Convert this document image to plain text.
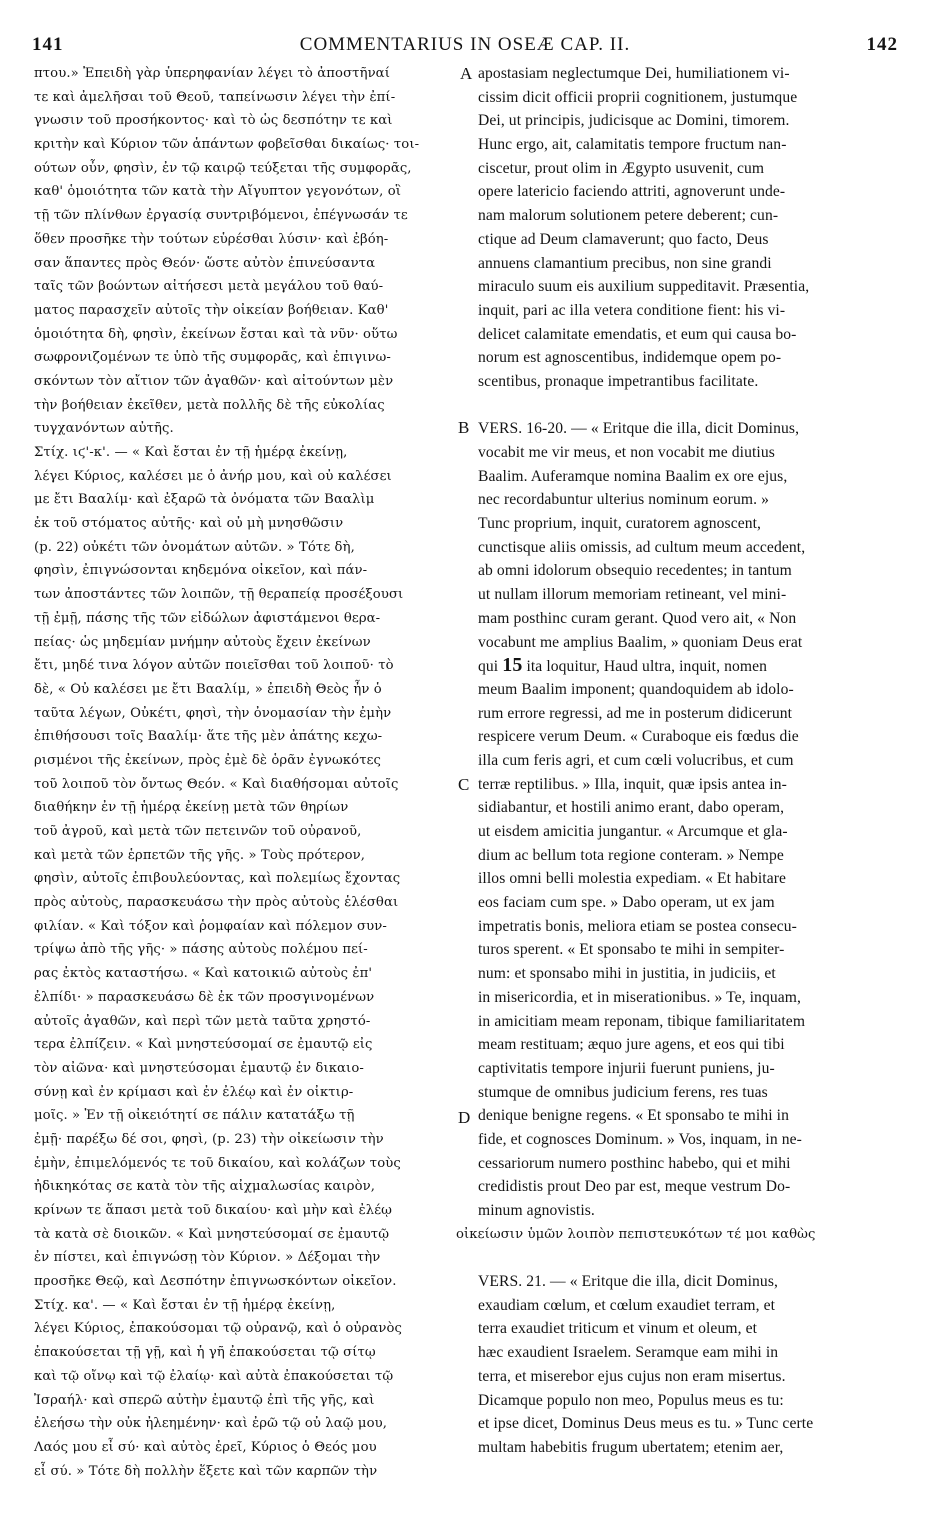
141	COMMENTARIUS IN OSEÆ CAP. II.	142
πτου.» Ἐπειδὴ γὰρ ὑπερηφανίαν λέγει τὸ ἀποστῆναί
τε καὶ ἀμελῆσαι τοῦ Θεοῦ, ταπείνωσιν λέγει τὴν ἐπί-
γνωσιν τοῦ προσήκοντος· καὶ τὸ ὡς δεσπότην τε καὶ
κριτὴν καὶ Κύριον τῶν ἁπάντων φοβεῖσθαι δικαίως· τοι-
ούτων οὖν, φησὶν, ἐν τῷ καιρῷ τεύξεται τῆς συμφορᾶς,
καθ' ὁμοιότητα τῶν κατὰ τὴν Αἴγυπτον γεγονότων, οἳ
τῇ τῶν πλίνθων ἐργασίᾳ συντριβόμενοι, ἐπέγνωσάν τε
ὅθεν προσῆκε τὴν τούτων εὑρέσθαι λύσιν· καὶ ἐβόη-
σαν ἅπαντες πρὸς Θεόν· ὥστε αὐτὸν ἐπινεύσαντα
ταῖς τῶν βοώντων αἰτήσεσι μετὰ μεγάλου τοῦ θαύ-
ματος παρασχεῖν αὐτοῖς τὴν οἰκείαν βοήθειαν. Καθ'
ὁμοιότητα δὴ, φησὶν, ἐκείνων ἔσται καὶ τὰ νῦν· οὕτω
σωφρονιζομένων τε ὑπὸ τῆς συμφορᾶς, καὶ ἐπιγινω-
σκόντων τὸν αἴτιον τῶν ἀγαθῶν· καὶ αἰτούντων μὲν
τὴν βοήθειαν ἐκεῖθεν, μετὰ πολλῆς δὲ τῆς εὐκολίας
τυγχανόντων αὐτῆς.
Στίχ. ιϛ'-κ'. — « Καὶ ἔσται ἐν τῇ ἡμέρᾳ ἐκείνῃ,
λέγει Κύριος, καλέσει με ὁ ἀνήρ μου, καὶ οὐ καλέσει
με ἔτι Βααλίμ· καὶ ἐξαρῶ τὰ ὀνόματα τῶν Βααλὶμ
ἐκ τοῦ στόματος αὐτῆς· καὶ οὐ μὴ μνησθῶσιν
(p. 22) οὐκέτι τῶν ὀνομάτων αὐτῶν. » Τότε δὴ,
φησὶν, ἐπιγνώσονται κηδεμόνα οἰκεῖον, καὶ πάν-
των ἀποστάντες τῶν λοιπῶν, τῇ θεραπείᾳ προσέξουσι
τῇ ἐμῇ, πάσης τῆς τῶν εἰδώλων ἀφιστάμενοι θερα-
πείας· ὡς μηδεμίαν μνήμην αὐτοὺς ἔχειν ἐκείνων
ἔτι, μηδέ τινα λόγον αὐτῶν ποιεῖσθαι τοῦ λοιποῦ· τὸ
δὲ, « Οὐ καλέσει με ἔτι Βααλίμ, » ἐπειδὴ Θεὸς ἦν ὁ
ταῦτα λέγων, Οὐκέτι, φησὶ, τὴν ὀνομασίαν τὴν ἐμὴν
ἐπιθήσουσι τοῖς Βααλίμ· ἅτε τῆς μὲν ἀπάτης κεχω-
ρισμένοι τῆς ἐκείνων, πρὸς ἐμὲ δὲ ὁρᾶν ἐγνωκότες
τοῦ λοιποῦ τὸν ὄντως Θεόν. « Καὶ διαθήσομαι αὐτοῖς
διαθήκην ἐν τῇ ἡμέρᾳ ἐκείνῃ μετὰ τῶν θηρίων
τοῦ ἀγροῦ, καὶ μετὰ τῶν πετεινῶν τοῦ οὐρανοῦ,
καὶ μετὰ τῶν ἑρπετῶν τῆς γῆς. » Τοὺς πρότερον,
φησὶν, αὐτοῖς ἐπιβουλεύοντας, καὶ πολεμίως ἔχοντας
πρὸς αὐτοὺς, παρασκευάσω τὴν πρὸς αὐτοὺς ἑλέσθαι
φιλίαν. « Καὶ τόξον καὶ ῥομφαίαν καὶ πόλεμον συν-
τρίψω ἀπὸ τῆς γῆς· » πάσης αὐτοὺς πολέμου πεί-
ρας ἐκτὸς καταστήσω. « Καὶ κατοικιῶ αὐτοὺς ἐπ'
ἐλπίδι· » παρασκευάσω δὲ ἐκ τῶν προσγινομένων
αὐτοῖς ἀγαθῶν, καὶ περὶ τῶν μετὰ ταῦτα χρηστό-
τερα ἐλπίζειν. « Καὶ μνηστεύσομαί σε ἐμαυτῷ εἰς
τὸν αἰῶνα· καὶ μνηστεύσομαι ἐμαυτῷ ἐν δικαιο-
σύνῃ καὶ ἐν κρίμασι καὶ ἐν ἐλέῳ καὶ ἐν οἰκτιρ-
μοῖς. » Ἐν τῇ οἰκειότητί σε πάλιν κατατάξω τῇ
ἐμῇ· παρέξω δέ σοι, φησὶ, (p. 23) τὴν οἰκείωσιν τὴν
ἐμὴν, ἐπιμελόμενός τε τοῦ δικαίου, καὶ κολάζων τοὺς
ἠδικηκότας σε κατὰ τὸν τῆς αἰχμαλωσίας καιρὸν,
κρίνων τε ἅπασι μετὰ τοῦ δικαίου· καὶ μὴν καὶ ἐλέῳ
τὰ κατὰ σὲ διοικῶν. « Καὶ μνηστεύσομαί σε ἐμαυτῷ
ἐν πίστει, καὶ ἐπιγνώσῃ τὸν Κύριον. » Δέξομαι τὴν
προσῆκε Θεῷ, καὶ Δεσπότην ἐπιγνωσκόντων οἰκεῖον.
Στίχ. κα'. — « Καὶ ἔσται ἐν τῇ ἡμέρᾳ ἐκείνῃ,
λέγει Κύριος, ἐπακούσομαι τῷ οὐρανῷ, καὶ ὁ οὐρανὸς
ἐπακούσεται τῇ γῇ, καὶ ἡ γῆ ἐπακούσεται τῷ σίτῳ
καὶ τῷ οἴνῳ καὶ τῷ ἐλαίῳ· καὶ αὐτὰ ἐπακούσεται τῷ
Ἰσραήλ· καὶ σπερῶ αὐτὴν ἐμαυτῷ ἐπὶ τῆς γῆς, καὶ
ἐλεήσω τὴν οὐκ ἠλεημένην· καὶ ἐρῶ τῷ οὐ λαῷ μου,
Λαός μου εἶ σύ· καὶ αὐτὸς ἐρεῖ, Κύριος ὁ Θεός μου
εἶ σύ. » Τότε δὴ πολλὴν ἕξετε καὶ τῶν καρπῶν τὴν
apostasiam neglectumque Dei, humiliationem vi-
cissim dicit officii proprii cognitionem, justumque
Dei, ut principis, judicisque ac Domini, timorem.
Hunc ergo, ait, calamitatis tempore fructum nan-
ciscetur, prout olim in Ægypto usuvenit, cum
opere latericio faciendo attriti, agnoverunt unde-
nam malorum solutionem petere deberent; cun-
ctique ad Deum clamaverunt; quo facto, Deus
annuens clamantium precibus, non sine grandi
miraculo suum eis auxilium suppeditavit. Præsentia,
inquit, pari ac illa vetera conditione fient: his vi-
delicet calamitate emendatis, et eum qui causa bo-
norum est agnoscentibus, indidemque opem po-
scentibus, pronaque impetrantibus facilitate.
VERS. 16-20. — « Eritque die illa, dicit Dominus,
vocabit me vir meus, et non vocabit me diutius
Baalim. Auferamque nomina Baalim ex ore ejus,
nec recordabuntur ulterius nominum eorum. »
Tunc proprium, inquit, curatorem agnoscent,
cunctisque aliis omissis, ad cultum meum accedent,
ab omni idolorum obsequio recedentes; in tantum
ut nullam illorum memoriam retineant, vel mini-
mam posthinc curam gerant. Quod vero ait, « Non
vocabunt me amplius Baalim, » quoniam Deus erat
qui 15 ita loquitur, Haud ultra, inquit, nomen
meum Baalim imponent; quandoquidem ab idolo-
rum errore regressi, ad me in posterum didicerunt
respicere verum Deum. « Curaboque eis fœdus die
illa cum feris agri, et cum cœli volucribus, et cum
terræ reptilibus. » Illa, inquit, quæ ipsis antea in-
sidiabantur, et hostili animo erant, dabo operam,
ut eisdem amicitia jungantur. « Arcumque et gla-
dium ac bellum tota regione conteram. » Nempe
illos omni belli molestia expediam. « Et habitare
eos faciam cum spe. » Dabo operam, ut ex jam
impetratis bonis, meliora etiam se postea consecu-
turos sperent. « Et sponsabo te mihi in sempiter-
num: et sponsabo mihi in justitia, in judiciis, et
in misericordia, et in miserationibus. » Te, inquam,
in amicitiam meam reponam, tibique familiaritatem
meam restituam; æquo jure agens, et eos qui tibi
captivitatis tempore injurii fuerunt puniens, ju-
stumque de omnibus judicium ferens, res tuas
denique benigne regens. « Et sponsabo te mihi in
fide, et cognosces Dominum. » Vos, inquam, in ne-
cessariorum numero posthinc habebo, qui et mihi
credidistis prout Deo par est, meque vestrum Do-
minum agnovistis.
οἰκείωσιν ὑμῶν λοιπὸν πεπιστευκότων τέ μοι καθὼς
VERS. 21. — « Eritque die illa, dicit Dominus,
exaudiam cœlum, et cœlum exaudiet terram, et
terra exaudiet triticum et vinum et oleum, et
hæc exaudient Israelem. Seramque eam mihi in
terra, et miserebor ejus cujus non eram misertus.
Dicamque populo non meo, Populus meus es tu:
et ipse dicet, Dominus Deus meus es tu. » Tunc certe
multam habebitis frugum ubertatem; etenim aer,
A
B
C
D
